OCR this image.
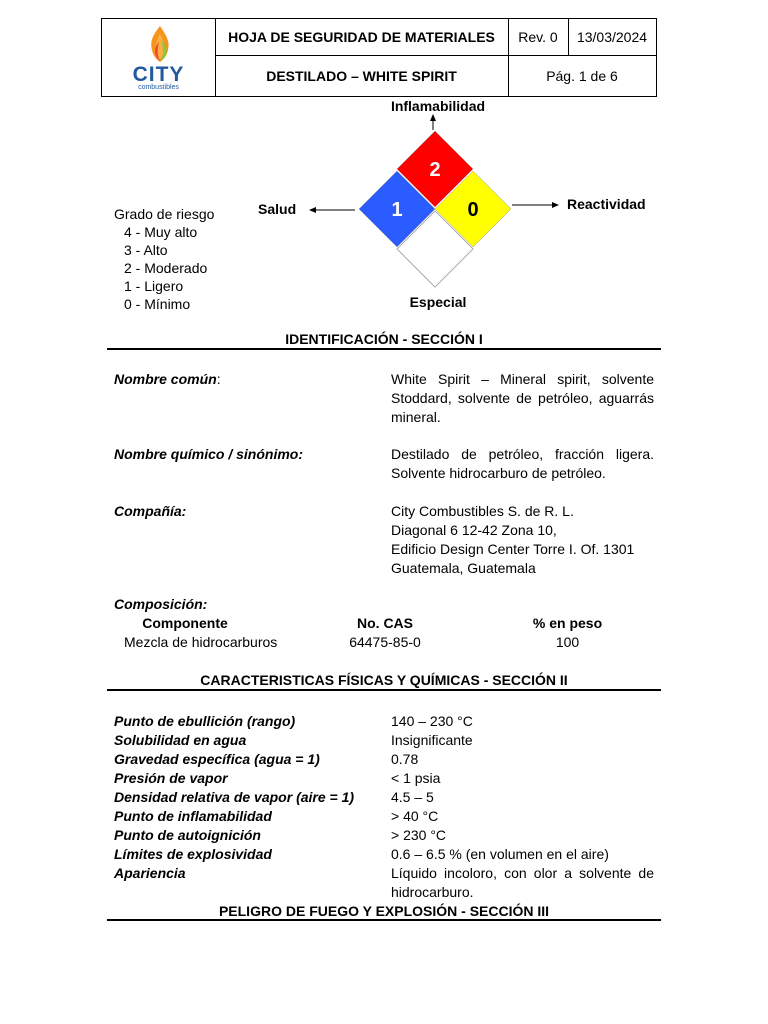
CITY
combustibles
HOJA DE SEGURIDAD DE MATERIALES	Rev. 0	13/03/2024
DESTILADO – WHITE SPIRIT	Pág. 1 de 6
Inflamabilidad
Salud	Reactividad
Especial
2
1	0
Grado de riesgo
4 - Muy alto
3 - Alto
2 - Moderado
1 - Ligero
0 - Mínimo
IDENTIFICACIÓN - SECCIÓN I
Nombre común:	White Spirit – Mineral spirit, solvente Stoddard, solvente de petróleo, aguarrás mineral.
Nombre químico / sinónimo:	Destilado de petróleo, fracción ligera. Solvente hidrocarburo de petróleo.
Compañía:	City Combustibles S. de R. L.
Diagonal 6 12-42 Zona 10,
Edificio Design Center Torre I. Of. 1301
Guatemala, Guatemala
Composición:
Componente	No. CAS	% en peso
Mezcla de hidrocarburos	64475-85-0	100
CARACTERISTICAS FÍSICAS Y QUÍMICAS - SECCIÓN II
Punto de ebullición (rango)	140 – 230 °C
Solubilidad en agua	Insignificante
Gravedad específica (agua = 1)	0.78
Presión de vapor	< 1 psia
Densidad relativa de vapor (aire = 1)	4.5 – 5
Punto de inflamabilidad	> 40 °C
Punto de autoignición	> 230 °C
Límites de explosividad	0.6 – 6.5 % (en volumen en el aire)
Apariencia	Líquido incoloro, con olor a solvente de hidrocarburo.
PELIGRO DE FUEGO Y EXPLOSIÓN - SECCIÓN III
